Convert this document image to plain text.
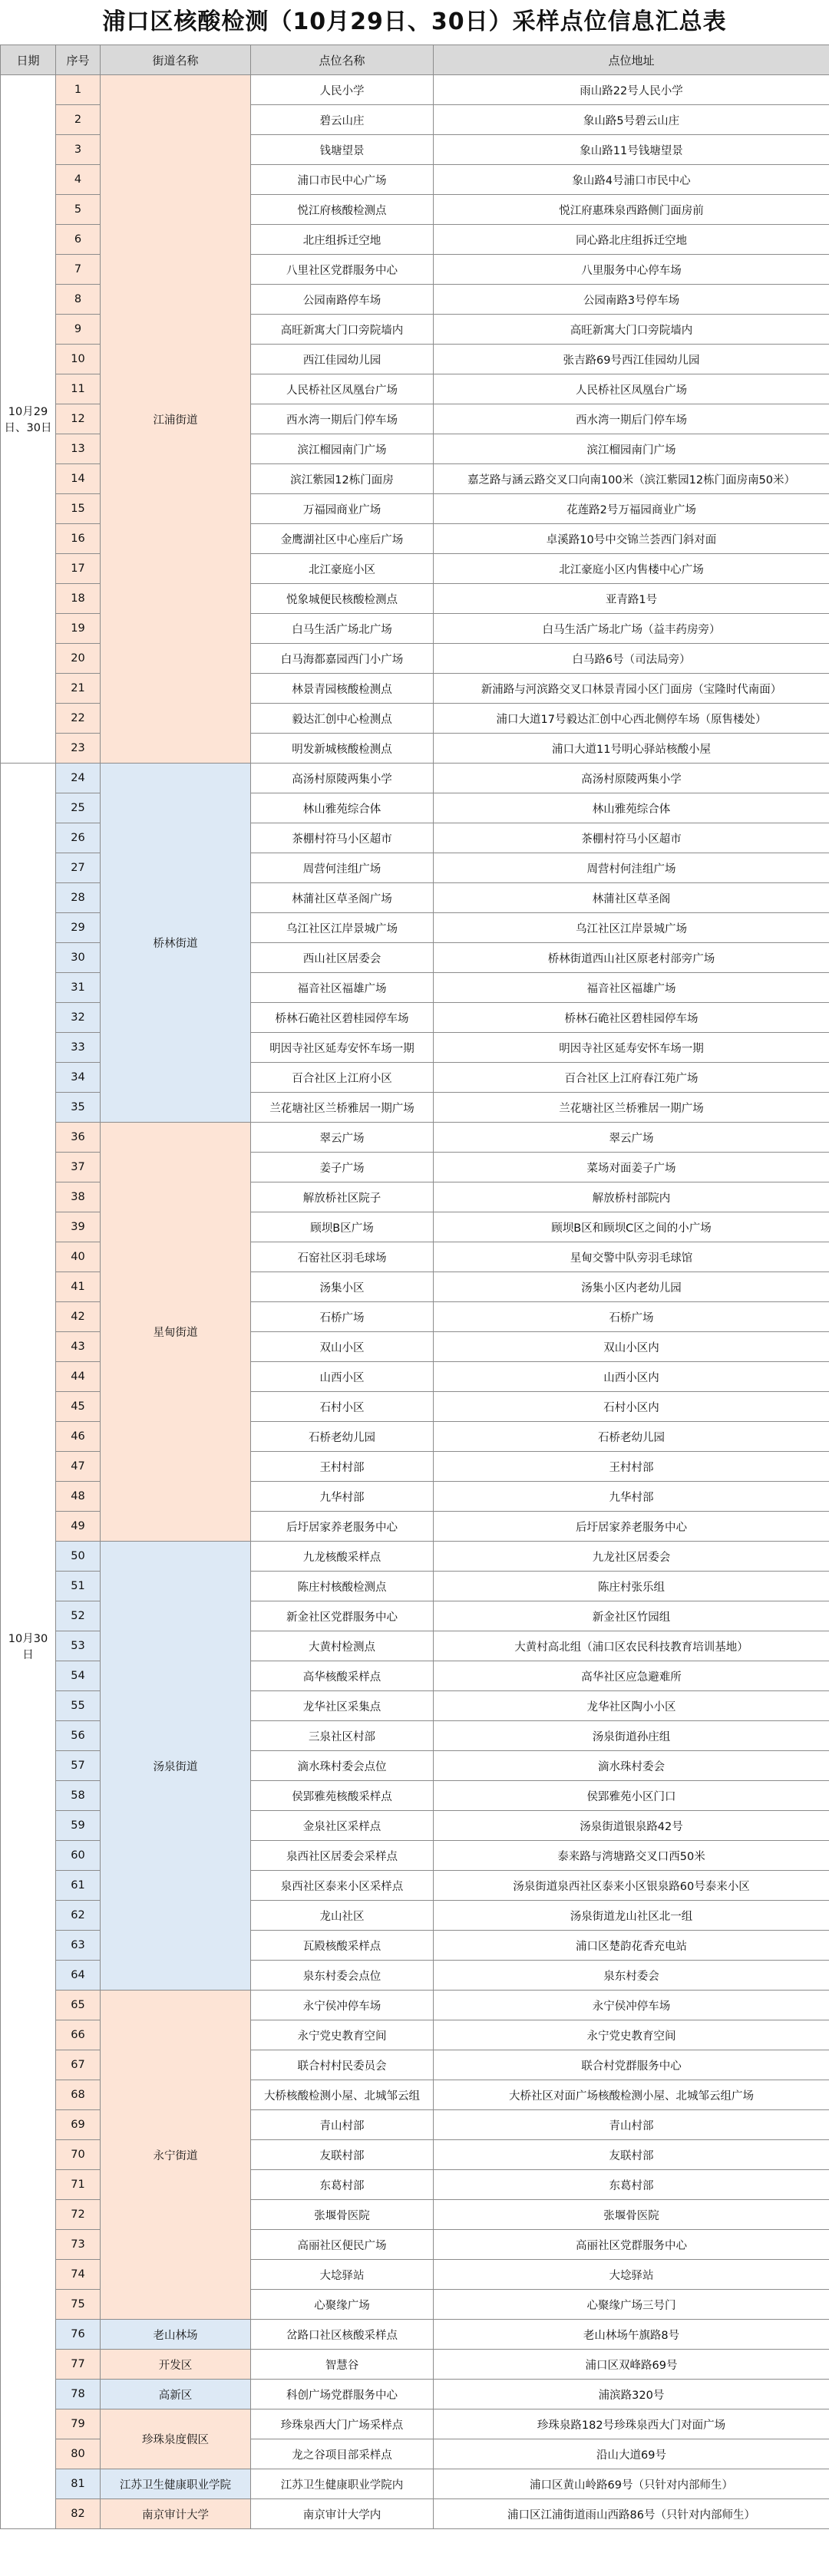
浦口区核酸检测（10月29日、30日）采样点位信息汇总表
日期	序号	街道名称	点位名称	点位地址
10月29日、30日	1	江浦街道	人民小学	雨山路22号人民小学
	2		碧云山庄	象山路5号碧云山庄
	3		钱塘望景	象山路11号钱塘望景
	4		浦口市民中心广场	象山路4号浦口市民中心
	5		悦江府核酸检测点	悦江府惠珠泉西路侧门面房前
	6		北庄组拆迁空地	同心路北庄组拆迁空地
	7		八里社区党群服务中心	八里服务中心停车场
	8		公园南路停车场	公园南路3号停车场
	9		高旺新寓大门口旁院墙内	高旺新寓大门口旁院墙内
	10		西江佳园幼儿园	张吉路69号西江佳园幼儿园
	11		人民桥社区凤凰台广场	人民桥社区凤凰台广场
	12		西水湾一期后门停车场	西水湾一期后门停车场
	13		滨江榴园南门广场	滨江榴园南门广场
	14		滨江紫园12栋门面房	嘉芝路与涵云路交叉口向南100米（滨江紫园12栋门面房南50米）
	15		万福园商业广场	花莲路2号万福园商业广场
	16		金鹰湖社区中心座后广场	卓溪路10号中交锦兰荟西门斜对面
	17		北江豪庭小区	北江豪庭小区内售楼中心广场
	18		悦象城便民核酸检测点	亚青路1号
	19		白马生活广场北广场	白马生活广场北广场（益丰药房旁）
	20		白马海都嘉园西门小广场	白马路6号（司法局旁）
	21		林景青园核酸检测点	新浦路与河滨路交叉口林景青园小区门面房（宝隆时代南面）
	22		毅达汇创中心检测点	浦口大道17号毅达汇创中心西北侧停车场（原售楼处）
	23		明发新城核酸检测点	浦口大道11号明心驿站核酸小屋
10月30日	24	桥林街道	高汤村原陵两集小学	高汤村原陵两集小学
	25		林山雅苑综合体	林山雅苑综合体
	26		茶棚村符马小区超市	茶棚村符马小区超市
	27		周营何洼组广场	周营村何洼组广场
	28		林蒲社区草圣阁广场	林蒲社区草圣阁
	29		乌江社区江岸景城广场	乌江社区江岸景城广场
	30		西山社区居委会	桥林街道西山社区原老村部旁广场
	31		福音社区福雄广场	福音社区福雄广场
	32		桥林石硊社区碧桂园停车场	桥林石硊社区碧桂园停车场
	33		明因寺社区延寿安怀车场一期	明因寺社区延寿安怀车场一期
	34		百合社区上江府小区	百合社区上江府春江苑广场
	35		兰花塘社区兰桥雅居一期广场	兰花塘社区兰桥雅居一期广场
	36	星甸街道	翠云广场	翠云广场
	37		姜子广场	菜场对面姜子广场
	38		解放桥社区院子	解放桥村部院内
	39		顾坝B区广场	顾坝B区和顾坝C区之间的小广场
	40		石窑社区羽毛球场	星甸交警中队旁羽毛球馆
	41		汤集小区	汤集小区内老幼儿园
	42		石桥广场	石桥广场
	43		双山小区	双山小区内
	44		山西小区	山西小区内
	45		石村小区	石村小区内
	46		石桥老幼儿园	石桥老幼儿园
	47		王村村部	王村村部
	48		九华村部	九华村部
	49		后圩居家养老服务中心	后圩居家养老服务中心
	50	汤泉街道	九龙核酸采样点	九龙社区居委会
	51		陈庄村核酸检测点	陈庄村张乐组
	52		新金社区党群服务中心	新金社区竹园组
	53		大黄村检测点	大黄村高北组（浦口区农民科技教育培训基地）
	54		高华核酸采样点	高华社区应急避难所
	55		龙华社区采集点	龙华社区陶小小区
	56		三泉社区村部	汤泉街道孙庄组
	57		滴水珠村委会点位	滴水珠村委会
	58		侯郢雅苑核酸采样点	侯郢雅苑小区门口
	59		金泉社区采样点	汤泉街道银泉路42号
	60		泉西社区居委会采样点	泰来路与湾塘路交叉口西50米
	61		泉西社区泰来小区采样点	汤泉街道泉西社区泰来小区银泉路60号泰来小区
	62		龙山社区	汤泉街道龙山社区北一组
	63		瓦殿核酸采样点	浦口区楚韵花香充电站
	64		泉东村委会点位	泉东村委会
	65	永宁街道	永宁侯冲停车场	永宁侯冲停车场
	66		永宁党史教育空间	永宁党史教育空间
	67		联合村村民委员会	联合村党群服务中心
	68		大桥核酸检测小屋、北城邹云组	大桥社区对面广场核酸检测小屋、北城邹云组广场
	69		青山村部	青山村部
	70		友联村部	友联村部
	71		东葛村部	东葛村部
	72		张堰骨医院	张堰骨医院
	73		高丽社区便民广场	高丽社区党群服务中心
	74		大埝驿站	大埝驿站
	75		心聚缘广场	心聚缘广场三号门
	76	老山林场	岔路口社区核酸采样点	老山林场午旗路8号
	77	开发区	智慧谷	浦口区双峰路69号
	78	高新区	科创广场党群服务中心	浦滨路320号
	79	珍珠泉度假区	珍珠泉西大门广场采样点	珍珠泉路182号珍珠泉西大门对面广场
	80		龙之谷项目部采样点	沿山大道69号
	81	江苏卫生健康职业学院	江苏卫生健康职业学院内	浦口区黄山岭路69号（只针对内部师生）
	82	南京审计大学	南京审计大学内	浦口区江浦街道雨山西路86号（只针对内部师生）
